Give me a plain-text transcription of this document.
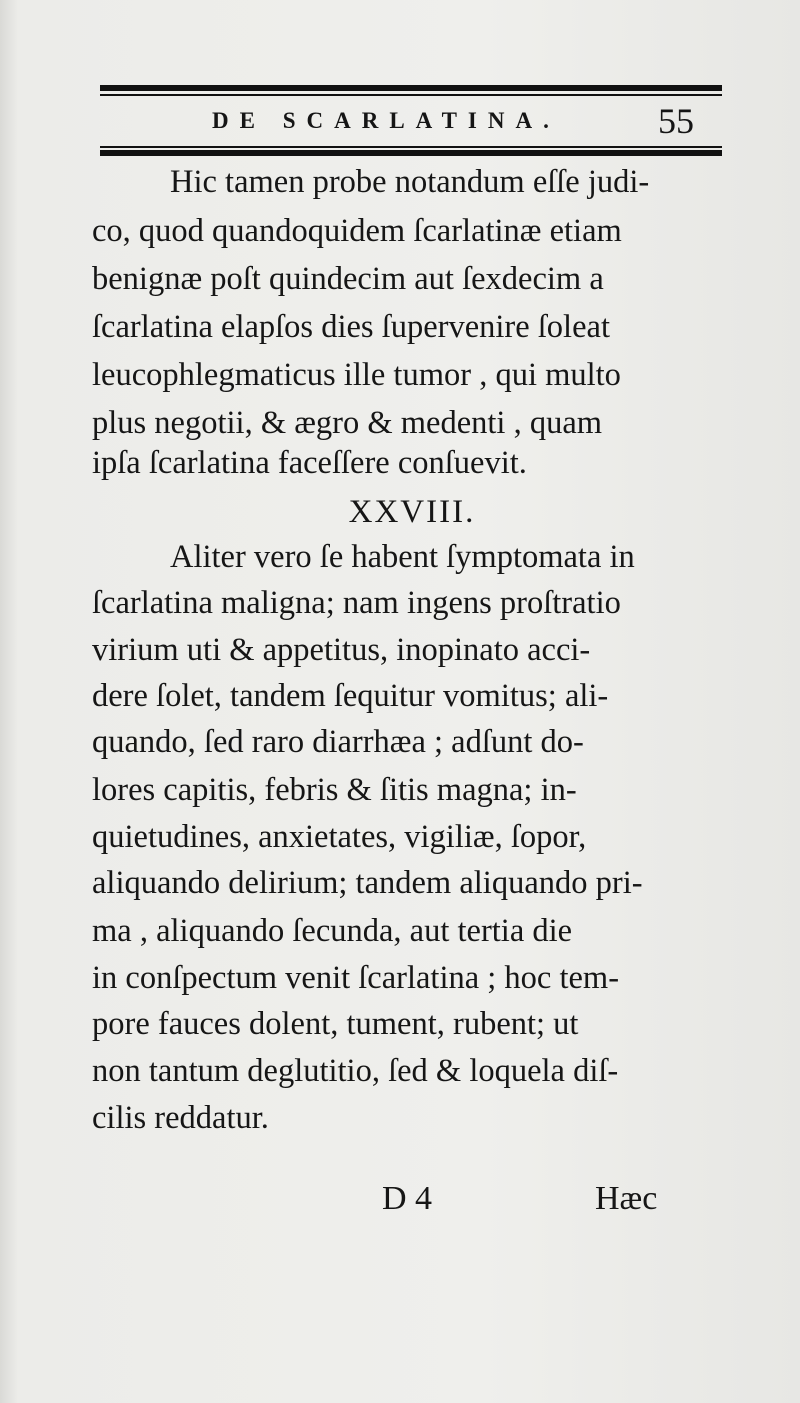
DE SCARLATINA.	55
Hic tamen probe notandum eſſe judi-
co, quod quandoquidem ſcarlatinæ etiam
benignæ poſt quindecim aut ſexdecim a
ſcarlatina elapſos dies ſupervenire ſoleat
leucophlegmaticus ille tumor , qui multo
plus negotii, & ægro & medenti , quam
ipſa ſcarlatina faceſſere conſuevit.
XXVIII.
Aliter vero ſe habent ſymptomata in
ſcarlatina maligna; nam ingens proſtratio
virium uti & appetitus, inopinato acci-
dere ſolet, tandem ſequitur vomitus; ali-
quando, ſed raro diarrhæa ; adſunt do-
lores capitis, febris & ſitis magna; in-
quietudines, anxietates, vigiliæ, ſopor,
aliquando delirium; tandem aliquando pri-
ma , aliquando ſecunda, aut tertia die
in conſpectum venit ſcarlatina ; hoc tem-
pore fauces dolent, tument, rubent; ut
non tantum deglutitio, ſed & loquela diſ-
cilis reddatur.
D 4	Hæc
